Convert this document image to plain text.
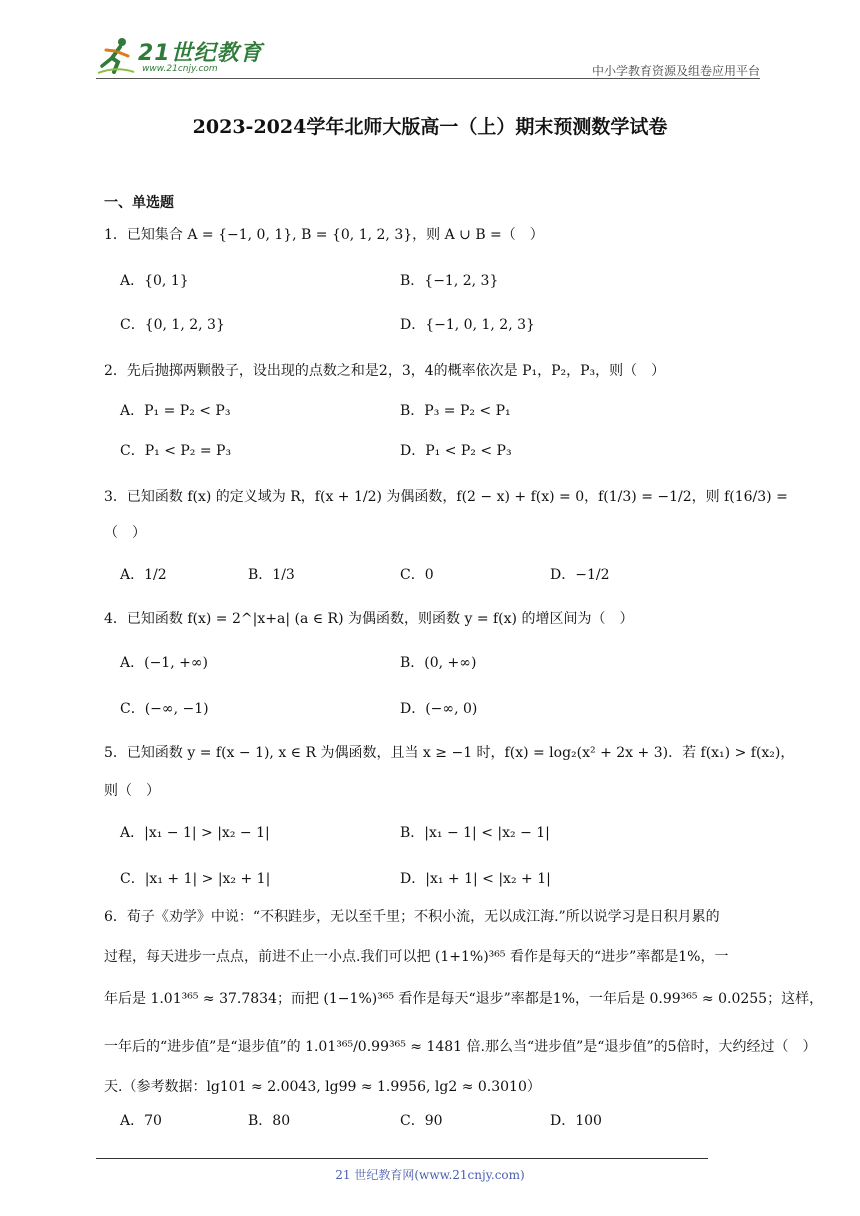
21世纪教育
www.21cnjy.com	中小学教育资源及组卷应用平台
2023-2024学年北师大版高一（上）期末预测数学试卷
一、单选题
1．已知集合 A = {−1, 0, 1}, B = {0, 1, 2, 3}，则 A ∪ B =（　）
A．{0, 1}	B．{−1, 2, 3}
C．{0, 1, 2, 3}	D．{−1, 0, 1, 2, 3}
2．先后抛掷两颗骰子，设出现的点数之和是2，3，4的概率依次是 P₁，P₂，P₃，则（　）
A．P₁ = P₂ < P₃	B．P₃ = P₂ < P₁
C．P₁ < P₂ = P₃	D．P₁ < P₂ < P₃
3．已知函数 f(x) 的定义域为 R，f(x + 1/2) 为偶函数，f(2 − x) + f(x) = 0，f(1/3) = −1/2，则 f(16/3) =
（　）
A．1/2	B．1/3	C．0	D．−1/2
4．已知函数 f(x) = 2^|x+a| (a ∈ R) 为偶函数，则函数 y = f(x) 的增区间为（　）
A．(−1, +∞)	B．(0, +∞)
C．(−∞, −1)	D．(−∞, 0)
5．已知函数 y = f(x − 1), x ∈ R 为偶函数，且当 x ≥ −1 时，f(x) = log₂(x² + 2x + 3)．若 f(x₁) > f(x₂)，
则（　）
A．|x₁ − 1| > |x₂ − 1|	B．|x₁ − 1| < |x₂ − 1|
C．|x₁ + 1| > |x₂ + 1|	D．|x₁ + 1| < |x₂ + 1|
6．荀子《劝学》中说：“不积跬步，无以至千里；不积小流，无以成江海.”所以说学习是日积月累的
过程，每天进步一点点，前进不止一小点.我们可以把 (1+1%)³⁶⁵ 看作是每天的“进步”率都是1%，一
年后是 1.01³⁶⁵ ≈ 37.7834；而把 (1−1%)³⁶⁵ 看作是每天“退步”率都是1%，一年后是 0.99³⁶⁵ ≈ 0.0255；这样，
一年后的“进步值”是“退步值”的 1.01³⁶⁵/0.99³⁶⁵ ≈ 1481 倍.那么当“进步值”是“退步值”的5倍时，大约经过（　）
天.（参考数据：lg101 ≈ 2.0043, lg99 ≈ 1.9956, lg2 ≈ 0.3010）
A．70	B．80	C．90	D．100
21 世纪教育网(www.21cnjy.com)
